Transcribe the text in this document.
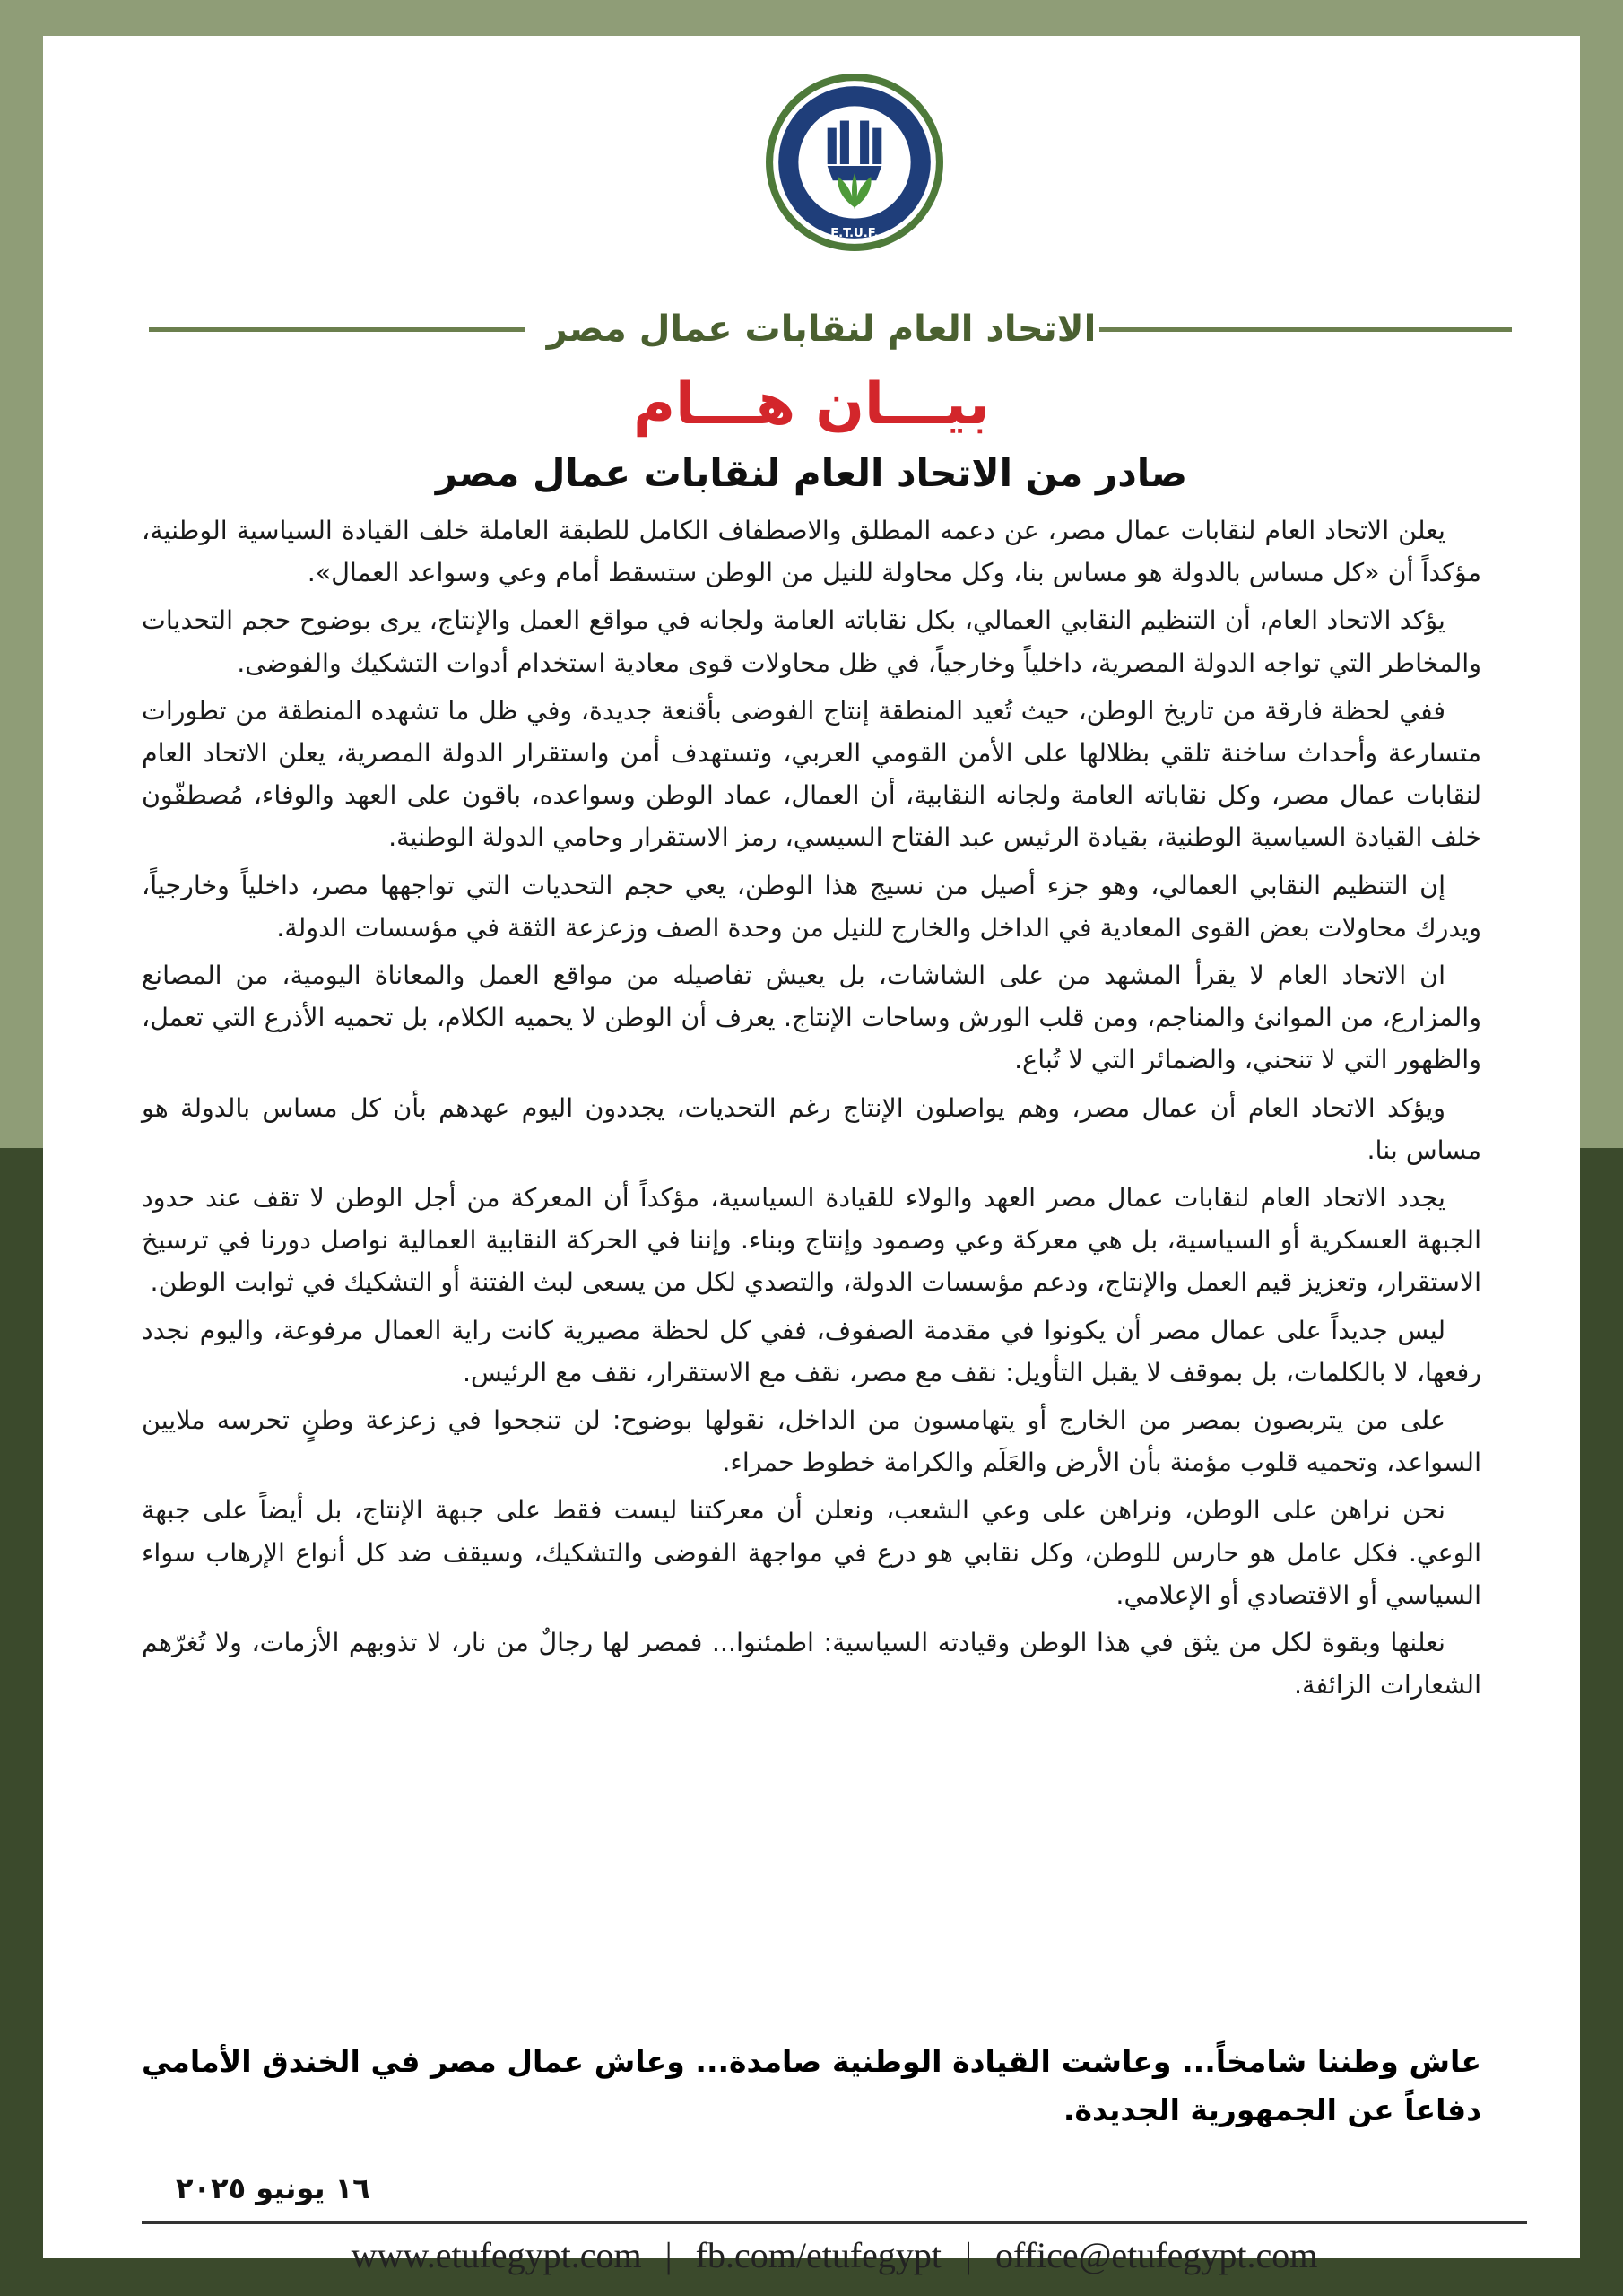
E.T.U.F.
الاتحاد العام لنقابات عمال مصر
بيـــان هـــام
صادر من الاتحاد العام لنقابات عمال مصر

يعلن الاتحاد العام لنقابات عمال مصر، عن دعمه المطلق والاصطفاف الكامل للطبقة العاملة خلف القيادة السياسية الوطنية، مؤكداً أن «كل مساس بالدولة هو مساس بنا، وكل محاولة للنيل من الوطن ستسقط أمام وعي وسواعد العمال».

يؤكد الاتحاد العام، أن التنظيم النقابي العمالي، بكل نقاباته العامة ولجانه في مواقع العمل والإنتاج، يرى بوضوح حجم التحديات والمخاطر التي تواجه الدولة المصرية، داخلياً وخارجياً، في ظل محاولات قوى معادية استخدام أدوات التشكيك والفوضى.

ففي لحظة فارقة من تاريخ الوطن، حيث تُعيد المنطقة إنتاج الفوضى بأقنعة جديدة، وفي ظل ما تشهده المنطقة من تطورات متسارعة وأحداث ساخنة تلقي بظلالها على الأمن القومي العربي، وتستهدف أمن واستقرار الدولة المصرية، يعلن الاتحاد العام لنقابات عمال مصر، وكل نقاباته العامة ولجانه النقابية، أن العمال، عماد الوطن وسواعده، باقون على العهد والوفاء، مُصطفّون خلف القيادة السياسية الوطنية، بقيادة الرئيس عبد الفتاح السيسي، رمز الاستقرار وحامي الدولة الوطنية.

إن التنظيم النقابي العمالي، وهو جزء أصيل من نسيج هذا الوطن، يعي حجم التحديات التي تواجهها مصر، داخلياً وخارجياً، ويدرك محاولات بعض القوى المعادية في الداخل والخارج للنيل من وحدة الصف وزعزعة الثقة في مؤسسات الدولة.

ان الاتحاد العام لا يقرأ المشهد من على الشاشات، بل يعيش تفاصيله من مواقع العمل والمعاناة اليومية، من المصانع والمزارع، من الموانئ والمناجم، ومن قلب الورش وساحات الإنتاج. يعرف أن الوطن لا يحميه الكلام، بل تحميه الأذرع التي تعمل، والظهور التي لا تنحني، والضمائر التي لا تُباع.

ويؤكد الاتحاد العام أن عمال مصر، وهم يواصلون الإنتاج رغم التحديات، يجددون اليوم عهدهم بأن كل مساس بالدولة هو مساس بنا.

يجدد الاتحاد العام لنقابات عمال مصر العهد والولاء للقيادة السياسية، مؤكداً أن المعركة من أجل الوطن لا تقف عند حدود الجبهة العسكرية أو السياسية، بل هي معركة وعي وصمود وإنتاج وبناء. وإننا في الحركة النقابية العمالية نواصل دورنا في ترسيخ الاستقرار، وتعزيز قيم العمل والإنتاج، ودعم مؤسسات الدولة، والتصدي لكل من يسعى لبث الفتنة أو التشكيك في ثوابت الوطن.

ليس جديداً على عمال مصر أن يكونوا في مقدمة الصفوف، ففي كل لحظة مصيرية كانت راية العمال مرفوعة، واليوم نجدد رفعها، لا بالكلمات، بل بموقف لا يقبل التأويل: نقف مع مصر، نقف مع الاستقرار، نقف مع الرئيس.

على من يتربصون بمصر من الخارج أو يتهامسون من الداخل، نقولها بوضوح: لن تنجحوا في زعزعة وطنٍ تحرسه ملايين السواعد، وتحميه قلوب مؤمنة بأن الأرض والعَلَم والكرامة خطوط حمراء.

نحن نراهن على الوطن، ونراهن على وعي الشعب، ونعلن أن معركتنا ليست فقط على جبهة الإنتاج، بل أيضاً على جبهة الوعي. فكل عامل هو حارس للوطن، وكل نقابي هو درع في مواجهة الفوضى والتشكيك، وسيقف ضد كل أنواع الإرهاب سواء السياسي أو الاقتصادي أو الإعلامي.

نعلنها وبقوة لكل من يثق في هذا الوطن وقيادته السياسية: اطمئنوا... فمصر لها رجالٌ من نار، لا تذوبهم الأزمات، ولا تُغرّهم الشعارات الزائفة.

عاش وطننا شامخاً... وعاشت القيادة الوطنية صامدة... وعاش عمال مصر في الخندق الأمامي دفاعاً عن الجمهورية الجديدة.
١٦ يونيو ٢٠٢٥
www.etufegypt.com | fb.com/etufegypt | office@etufegypt.com
